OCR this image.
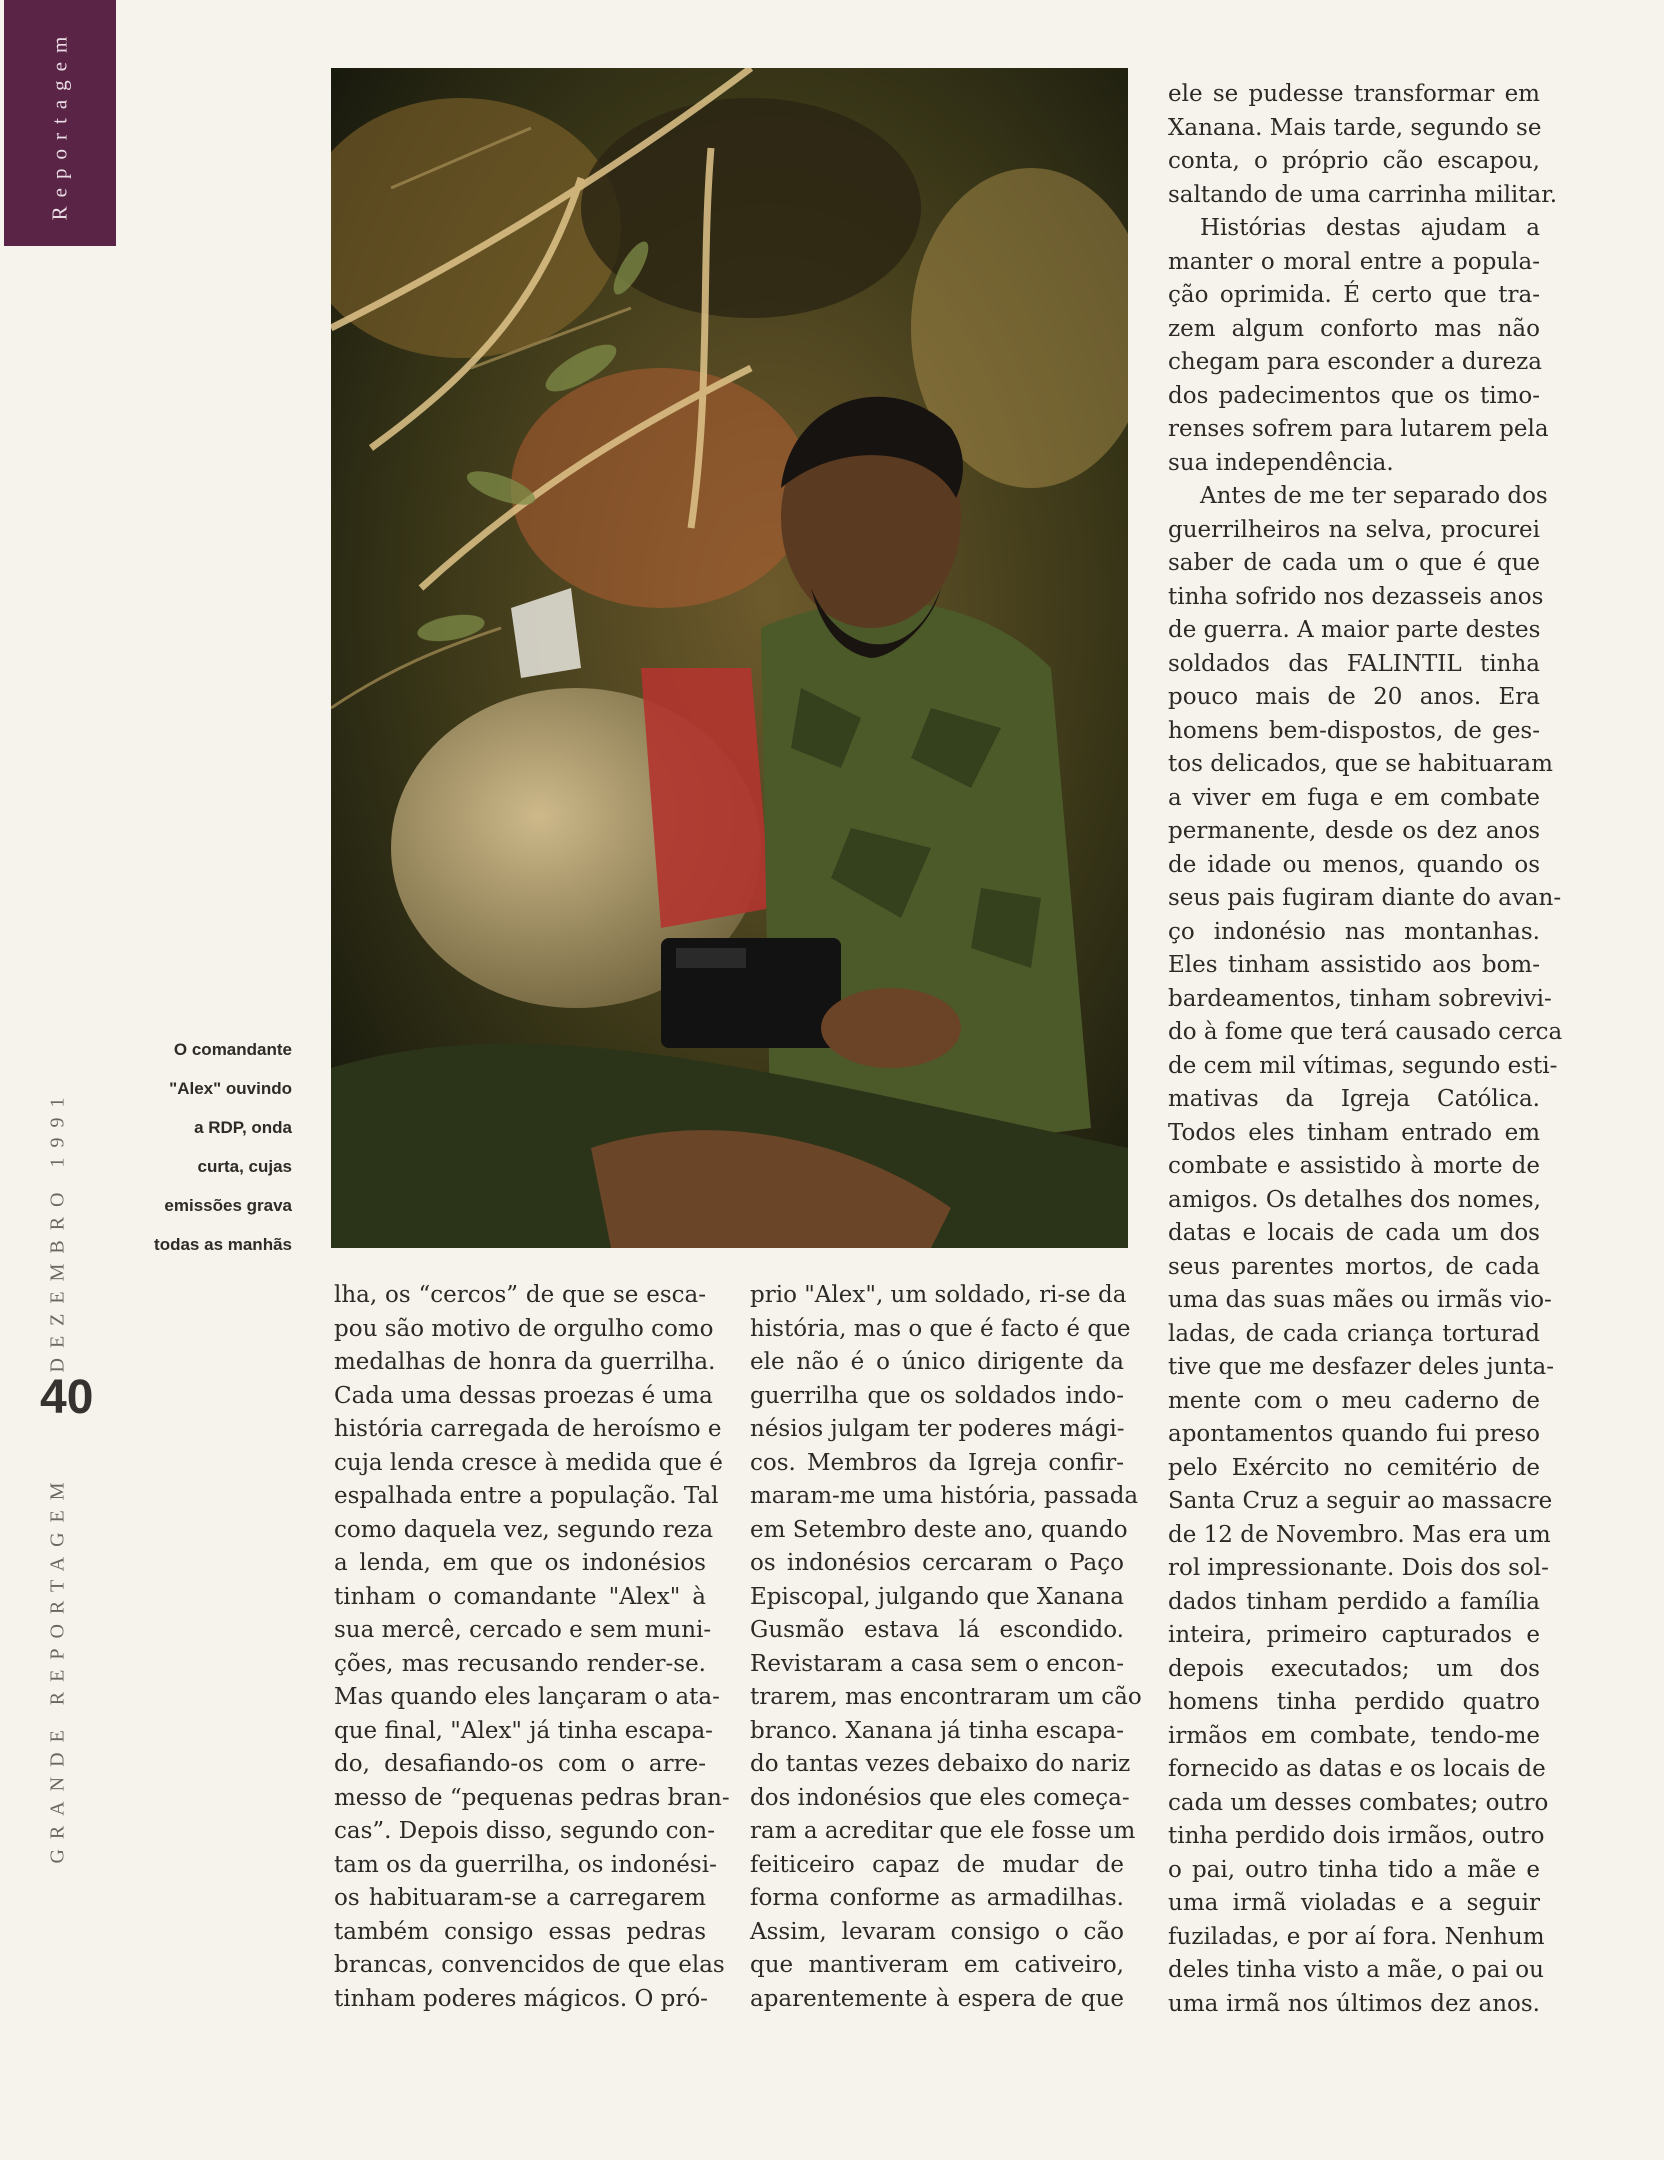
Reportagem
DEZEMBRO 1991
GRANDE REPORTAGEM
40
O comandante
"Alex" ouvindo
a RDP, onda
curta, cujas
emissões grava
todas as manhãs
lha, os “cercos” de que se esca-
pou são motivo de orgulho como
medalhas de honra da guerrilha.
Cada uma dessas proezas é uma
história carregada de heroísmo e
cuja lenda cresce à medida que é
espalhada entre a população. Tal
como daquela vez, segundo reza
a lenda, em que os indonésios
tinham o comandante "Alex" à
sua mercê, cercado e sem muni-
ções, mas recusando render-se.
Mas quando eles lançaram o ata-
que final, "Alex" já tinha escapa-
do, desafiando-os com o arre-
messo de “pequenas pedras bran-
cas”. Depois disso, segundo con-
tam os da guerrilha, os indonési-
os habituaram-se a carregarem
também consigo essas pedras
brancas, convencidos de que elas
tinham poderes mágicos. O pró-
prio "Alex", um soldado, ri-se da
história, mas o que é facto é que
ele não é o único dirigente da
guerrilha que os soldados indo-
nésios julgam ter poderes mági-
cos. Membros da Igreja confir-
maram-me uma história, passada
em Setembro deste ano, quando
os indonésios cercaram o Paço
Episcopal, julgando que Xanana
Gusmão estava lá escondido.
Revistaram a casa sem o encon-
trarem, mas encontraram um cão
branco. Xanana já tinha escapa-
do tantas vezes debaixo do nariz
dos indonésios que eles começa-
ram a acreditar que ele fosse um
feiticeiro capaz de mudar de
forma conforme as armadilhas.
Assim, levaram consigo o cão
que mantiveram em cativeiro,
aparentemente à espera de que
ele se pudesse transformar em
Xanana. Mais tarde, segundo se
conta, o próprio cão escapou,
saltando de uma carrinha militar.
Histórias destas ajudam a
manter o moral entre a popula-
ção oprimida. É certo que tra-
zem algum conforto mas não
chegam para esconder a dureza
dos padecimentos que os timo-
renses sofrem para lutarem pela
sua independência.
Antes de me ter separado dos
guerrilheiros na selva, procurei
saber de cada um o que é que
tinha sofrido nos dezasseis anos
de guerra. A maior parte destes
soldados das FALINTIL tinha
pouco mais de 20 anos. Era
homens bem-dispostos, de ges-
tos delicados, que se habituaram
a viver em fuga e em combate
permanente, desde os dez anos
de idade ou menos, quando os
seus pais fugiram diante do avan-
ço indonésio nas montanhas.
Eles tinham assistido aos bom-
bardeamentos, tinham sobrevivi-
do à fome que terá causado cerca
de cem mil vítimas, segundo esti-
mativas da Igreja Católica.
Todos eles tinham entrado em
combate e assistido à morte de
amigos. Os detalhes dos nomes,
datas e locais de cada um dos
seus parentes mortos, de cada
uma das suas mães ou irmãs vio-
ladas, de cada criança torturad
tive que me desfazer deles junta-
mente com o meu caderno de
apontamentos quando fui preso
pelo Exército no cemitério de
Santa Cruz a seguir ao massacre
de 12 de Novembro. Mas era um
rol impressionante. Dois dos sol-
dados tinham perdido a família
inteira, primeiro capturados e
depois executados; um dos
homens tinha perdido quatro
irmãos em combate, tendo-me
fornecido as datas e os locais de
cada um desses combates; outro
tinha perdido dois irmãos, outro
o pai, outro tinha tido a mãe e
uma irmã violadas e a seguir
fuziladas, e por aí fora. Nenhum
deles tinha visto a mãe, o pai ou
uma irmã nos últimos dez anos.
